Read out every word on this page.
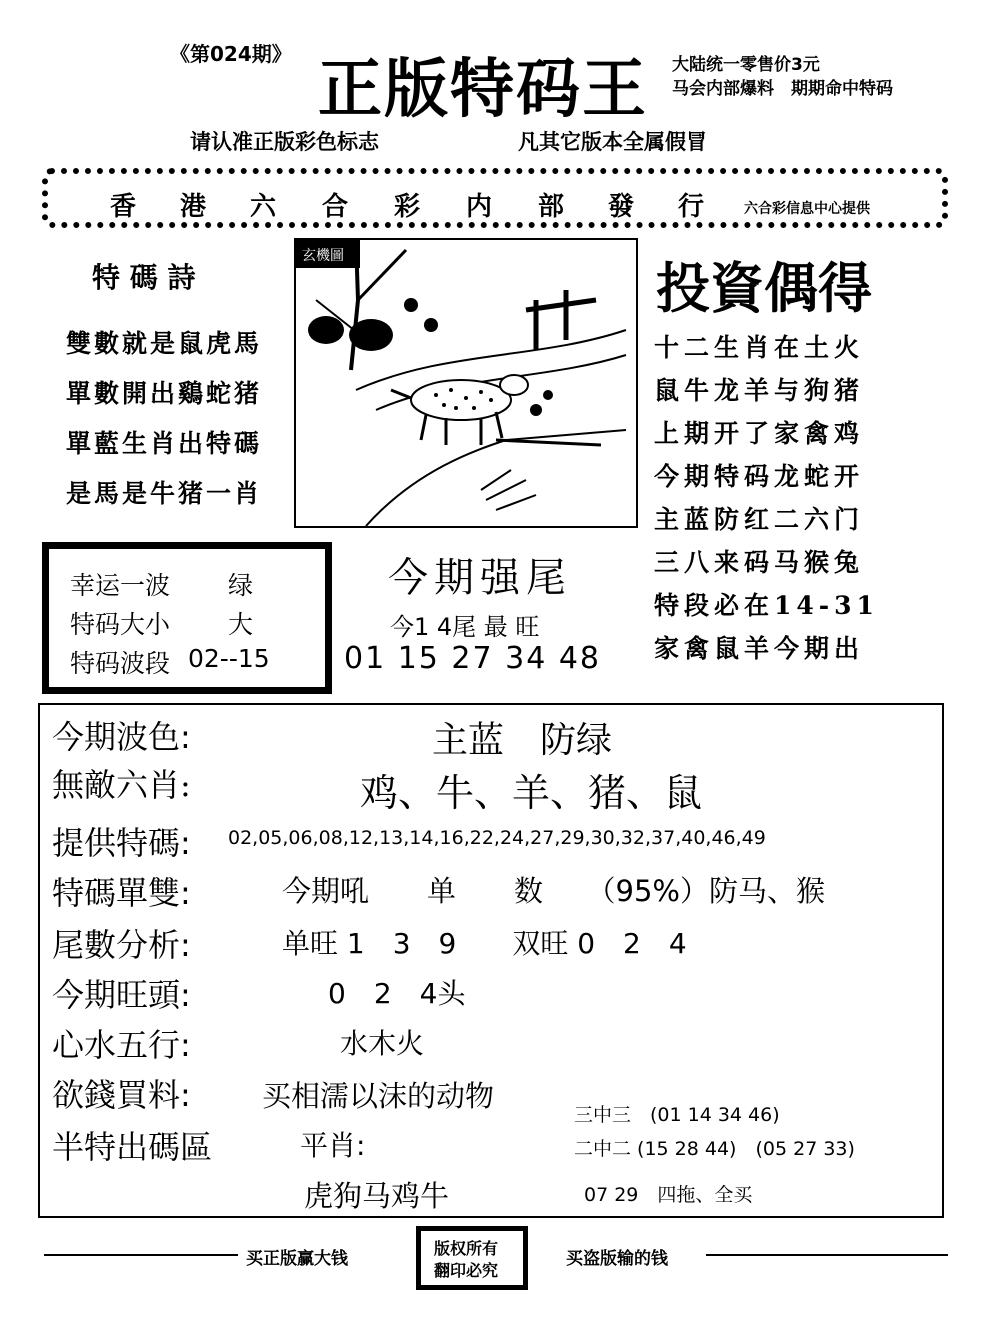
《第024期》 正版特码王 大陆统一零售价3元
马会内部爆料　期期命中特码
请认准正版彩色标志	凡其它版本全属假冒
香 港 六 合 彩 内 部 發 行	六合彩信息中心提供
特 碼 詩
雙數就是鼠虎馬
單數開出鷄蛇猪
單藍生肖出特碼
是馬是牛猪一肖
玄機圖	投資偶得
十二生肖在土火
鼠牛龙羊与狗猪
上期开了家禽鸡
今期特码龙蛇开
主蓝防红二六门
三八来码马猴兔
特段必在14-31
家禽鼠羊今期出
幸运一波 绿
特码大小 大
特码波段 02--15
今期强尾
今1 4尾 最 旺
01 15 27 34 48
今期波色:	主蓝　防绿
無敵六肖:	鸡、牛、羊、猪、鼠
提供特碼: 02,05,06,08,12,13,14,16,22,24,27,29,30,32,37,40,46,49
特碼單雙:	今期吼　　单　　数　　（95%）防马、猴
尾數分析:	单旺 1　3　9　　双旺 0　2　4
今期旺頭:	0　2　4头
心水五行:	水木火
欲錢買料: 买相濡以沫的动物
半特出碼區	平肖:
虎狗马鸡牛
三中三　(01 14 34 46)
二中二 (15 28 44)　(05 27 33)
07 29　四拖、全买
买正版赢大钱
版权所有
翻印必究
买盗版输的钱
